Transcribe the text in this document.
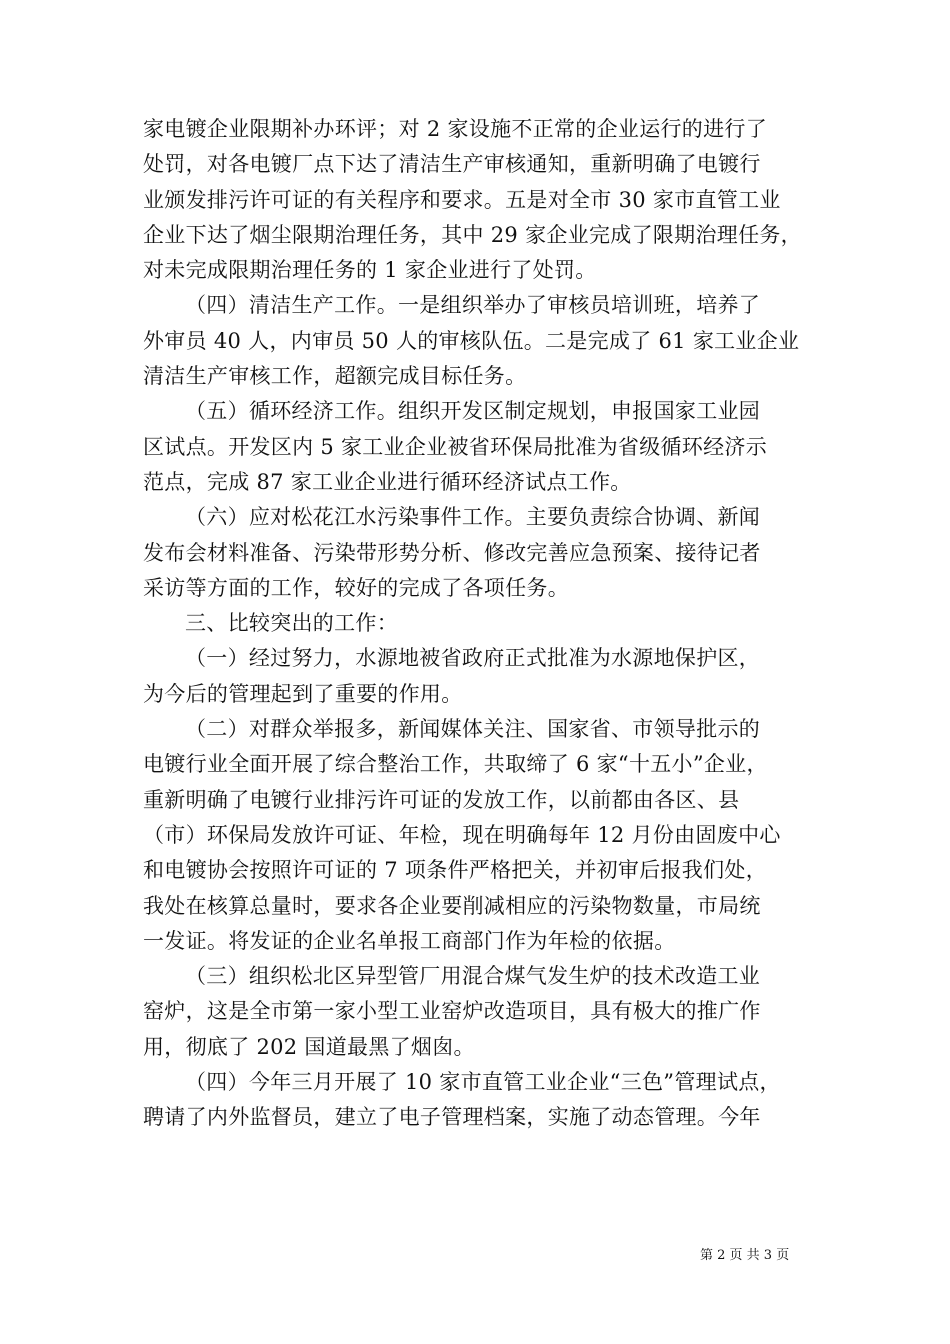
家电镀企业限期补办环评；对 2 家设施不正常的企业运行的进行了
处罚，对各电镀厂点下达了清洁生产审核通知，重新明确了电镀行
业颁发排污许可证的有关程序和要求。五是对全市 30 家市直管工业
企业下达了烟尘限期治理任务，其中 29 家企业完成了限期治理任务，
对未完成限期治理任务的 1 家企业进行了处罚。
（四）清洁生产工作。一是组织举办了审核员培训班，培养了
外审员 40 人，内审员 50 人的审核队伍。二是完成了 61 家工业企业
清洁生产审核工作，超额完成目标任务。
（五）循环经济工作。组织开发区制定规划，申报国家工业园
区试点。开发区内 5 家工业企业被省环保局批准为省级循环经济示
范点，完成 87 家工业企业进行循环经济试点工作。
（六）应对松花江水污染事件工作。主要负责综合协调、新闻
发布会材料准备、污染带形势分析、修改完善应急预案、接待记者
采访等方面的工作，较好的完成了各项任务。
三、比较突出的工作：
（一）经过努力，水源地被省政府正式批准为水源地保护区，
为今后的管理起到了重要的作用。
（二）对群众举报多，新闻媒体关注、国家省、市领导批示的
电镀行业全面开展了综合整治工作，共取缔了 6 家“十五小”企业，
重新明确了电镀行业排污许可证的发放工作，以前都由各区、县
（市）环保局发放许可证、年检，现在明确每年 12 月份由固废中心
和电镀协会按照许可证的 7 项条件严格把关，并初审后报我们处，
我处在核算总量时，要求各企业要削减相应的污染物数量，市局统
一发证。将发证的企业名单报工商部门作为年检的依据。
（三）组织松北区异型管厂用混合煤气发生炉的技术改造工业
窑炉，这是全市第一家小型工业窑炉改造项目，具有极大的推广作
用，彻底了 202 国道最黑了烟囱。
（四）今年三月开展了 10 家市直管工业企业“三色”管理试点，
聘请了内外监督员，建立了电子管理档案，实施了动态管理。今年
第 2 页 共 3 页
